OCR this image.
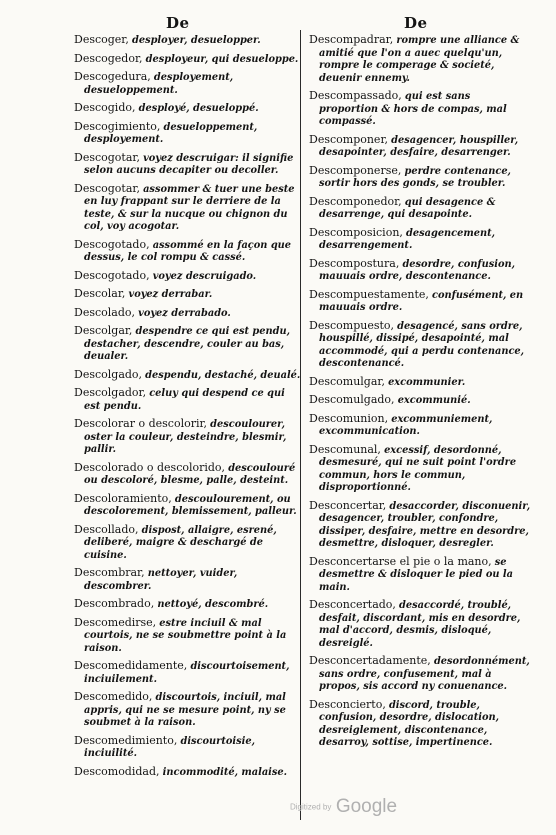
De	De

Descoger, desployer, desuelopper.

Descogedor, desployeur, qui desueloppe.

Descogedura, desployement, desueloppement.

Descogido, desployé, desueloppé.

Descogimiento, desueloppement, desployement.

Descogotar, voyez descruigar: il signifie selon aucuns decapiter ou decoller.

Descogotar, assommer & tuer une beste en luy frappant sur le derriere de la teste, & sur la nucque ou chignon du col, voy acogotar.

Descogotado, assommé en la façon que dessus, le col rompu & cassé.

Descogotado, voyez descruigado.

Descolar, voyez derrabar.

Descolado, voyez derrabado.

Descolgar, despendre ce qui est pendu, destacher, descendre, couler au bas, deualer.

Descolgado, despendu, destaché, deualé.

Descolgador, celuy qui despend ce qui est pendu.

Descolorar o descolorir, descoulourer, oster la couleur, desteindre, blesmir, pallir.

Descolorado o descolorido, descoulouré ou descoloré, blesme, palle, desteint.

Descoloramiento, descoulourement, ou descolorement, blemissement, palleur.

Descollado, dispost, allaigre, esrené, deliberé, maigre & deschargé de cuisine.

Descombrar, nettoyer, vuider, descombrer.

Descombrado, nettoyé, descombré.

Descomedirse, estre inciuil & mal courtois, ne se soubmettre point à la raison.

Descomedidamente, discourtoisement, inciuilement.

Descomedido, discourtois, inciuil, mal appris, qui ne se mesure point, ny se soubmet à la raison.

Descomedimiento, discourtoisie, inciuilité.

Descomodidad, incommodité, malaise.

Descompadrar, rompre une alliance & amitié que l'on a auec quelqu'un, rompre le comperage & societé, deuenir ennemy.

Descompassado, qui est sans proportion & hors de compas, mal compassé.

Descomponer, desagencer, houspiller, desapointer, desfaire, desarrenger.

Descomponerse, perdre contenance, sortir hors des gonds, se troubler.

Descomponedor, qui desagence & desarrenge, qui desapointe.

Descomposicion, desagencement, desarrengement.

Descompostura, desordre, confusion, mauuais ordre, descontenance.

Descompuestamente, confusément, en mauuais ordre.

Descompuesto, desagencé, sans ordre, houspillé, dissipé, desapointé, mal accommodé, qui a perdu contenance, descontenancé.

Descomulgar, excommunier.

Descomulgado, excommunié.

Descomunion, excommuniement, excommunication.

Descomunal, excessif, desordonné, desmesuré, qui ne suit point l'ordre commun, hors le commun, disproportionné.

Desconcertar, desaccorder, disconuenir, desagencer, troubler, confondre, dissiper, desfaire, mettre en desordre, desmettre, disloquer, desregler.

Desconcertarse el pie o la mano, se desmettre & disloquer le pied ou la main.

Desconcertado, desaccordé, troublé, desfait, discordant, mis en desordre, mal d'accord, desmis, disloqué, desreiglé.

Desconcertadamente, desordonnément, sans ordre, confusement, mal à propos, sis accord ny conuenance.

Desconcierto, discord, trouble, confusion, desordre, dislocation, desreiglement, discontenance, desarroy, sottise, impertinence.

Digitized by Google
